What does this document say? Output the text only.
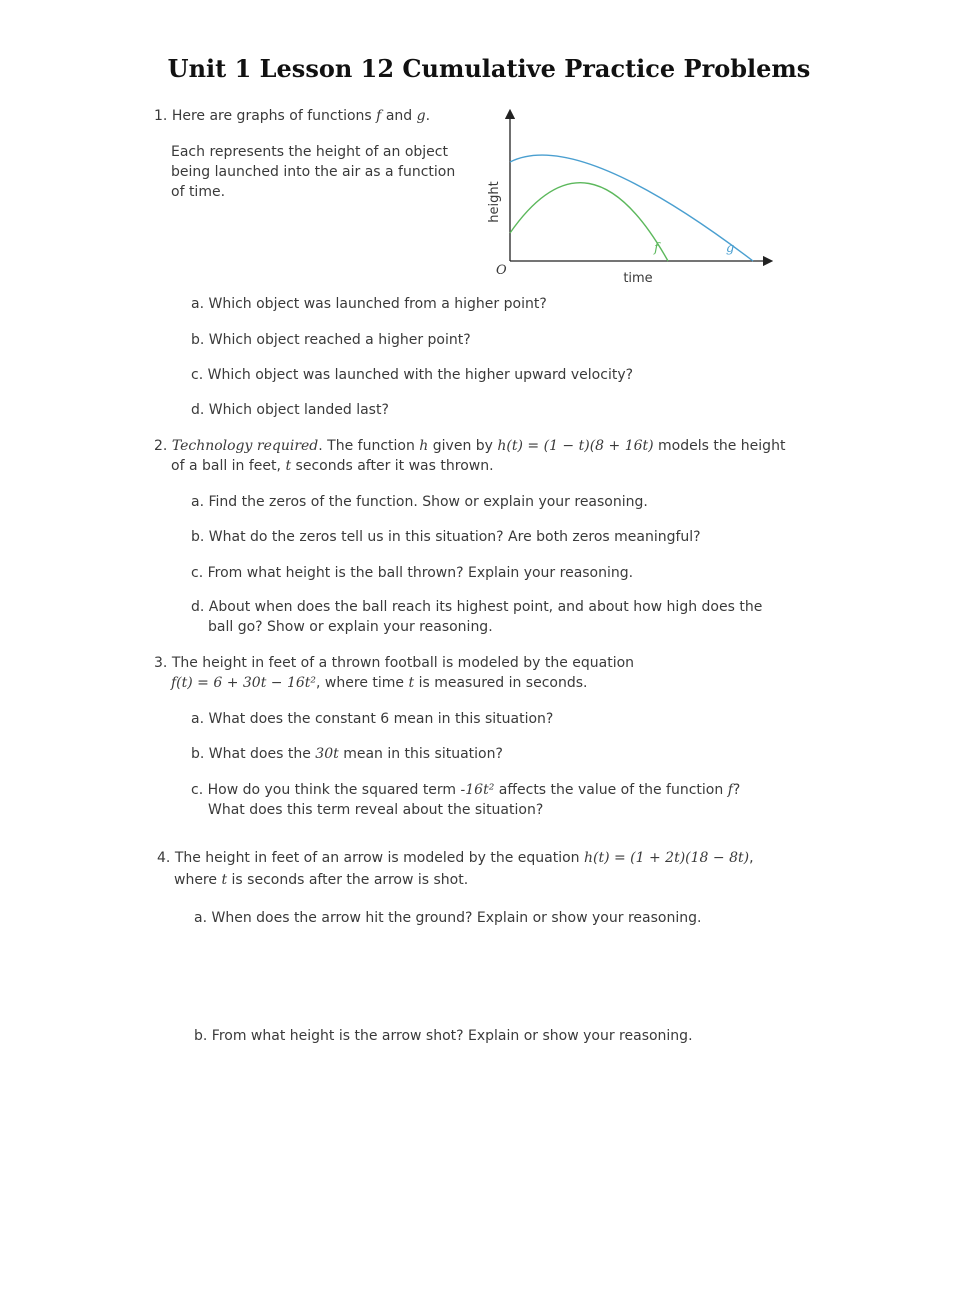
Unit 1 Lesson 12 Cumulative Practice Problems
1. Here are graphs of functions f and g.
Each represents the height of an object
being launched into the air as a function
of time.	height
time
O
f	g
a. Which object was launched from a higher point?
b. Which object reached a higher point?
c. Which object was launched with the higher upward velocity?
d. Which object landed last?
2. Technology required. The function h given by h(t) = (1 − t)(8 + 16t) models the height
of a ball in feet, t seconds after it was thrown.
a. Find the zeros of the function. Show or explain your reasoning.
b. What do the zeros tell us in this situation? Are both zeros meaningful?
c. From what height is the ball thrown? Explain your reasoning.
d. About when does the ball reach its highest point, and about how high does the
ball go? Show or explain your reasoning.
3. The height in feet of a thrown football is modeled by the equation
f(t) = 6 + 30t − 16t², where time t is measured in seconds.
a. What does the constant 6 mean in this situation?
b. What does the 30t mean in this situation?
c. How do you think the squared term -16t² affects the value of the function f?
What does this term reveal about the situation?
4. The height in feet of an arrow is modeled by the equation h(t) = (1 + 2t)(18 − 8t),
where t is seconds after the arrow is shot.
a. When does the arrow hit the ground? Explain or show your reasoning.
b. From what height is the arrow shot? Explain or show your reasoning.
